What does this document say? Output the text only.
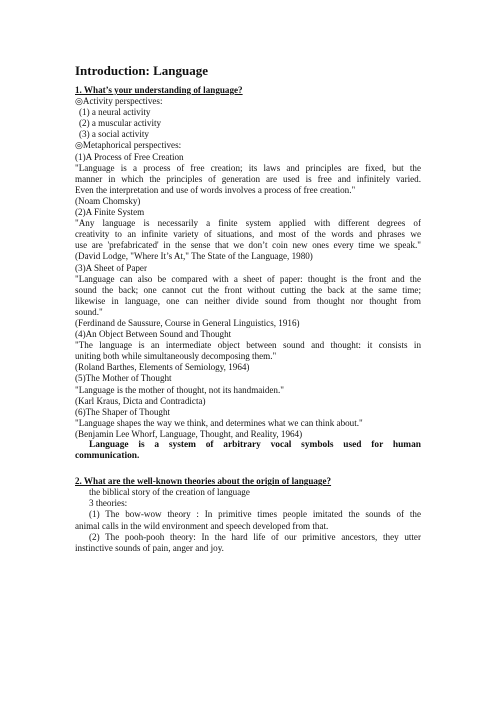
Introduction: Language
1. What’s your understanding of language?
◎Activity perspectives:
(1) a neural activity
(2) a muscular activity
(3) a social activity
◎Metaphorical perspectives:
(1)A Process of Free Creation
"Language is a process of free creation; its laws and principles are fixed, but the
manner in which the principles of generation are used is free and infinitely varied.
Even the interpretation and use of words involves a process of free creation."
(Noam Chomsky)
(2)A Finite System
"Any language is necessarily a finite system applied with different degrees of
creativity to an infinite variety of situations, and most of the words and phrases we
use are 'prefabricated' in the sense that we don’t coin new ones every time we speak."
(David Lodge, "Where It’s At," The State of the Language, 1980)
(3)A Sheet of Paper
"Language can also be compared with a sheet of paper: thought is the front and the
sound the back; one cannot cut the front without cutting the back at the same time;
likewise in language, one can neither divide sound from thought nor thought from
sound."
(Ferdinand de Saussure, Course in General Linguistics, 1916)
(4)An Object Between Sound and Thought
"The language is an intermediate object between sound and thought: it consists in
uniting both while simultaneously decomposing them."
(Roland Barthes, Elements of Semiology, 1964)
(5)The Mother of Thought
"Language is the mother of thought, not its handmaiden."
(Karl Kraus, Dicta and Contradicta)
(6)The Shaper of Thought
"Language shapes the way we think, and determines what we can think about."
(Benjamin Lee Whorf, Language, Thought, and Reality, 1964)
Language is a system of arbitrary vocal symbols used for human
communication.
2. What are the well-known theories about the origin of language?
the biblical story of the creation of language
3 theories:
(1) The bow-wow theory : In primitive times people imitated the sounds of the
animal calls in the wild environment and speech developed from that.
(2) The pooh-pooh theory: In the hard life of our primitive ancestors, they utter
instinctive sounds of pain, anger and joy.
